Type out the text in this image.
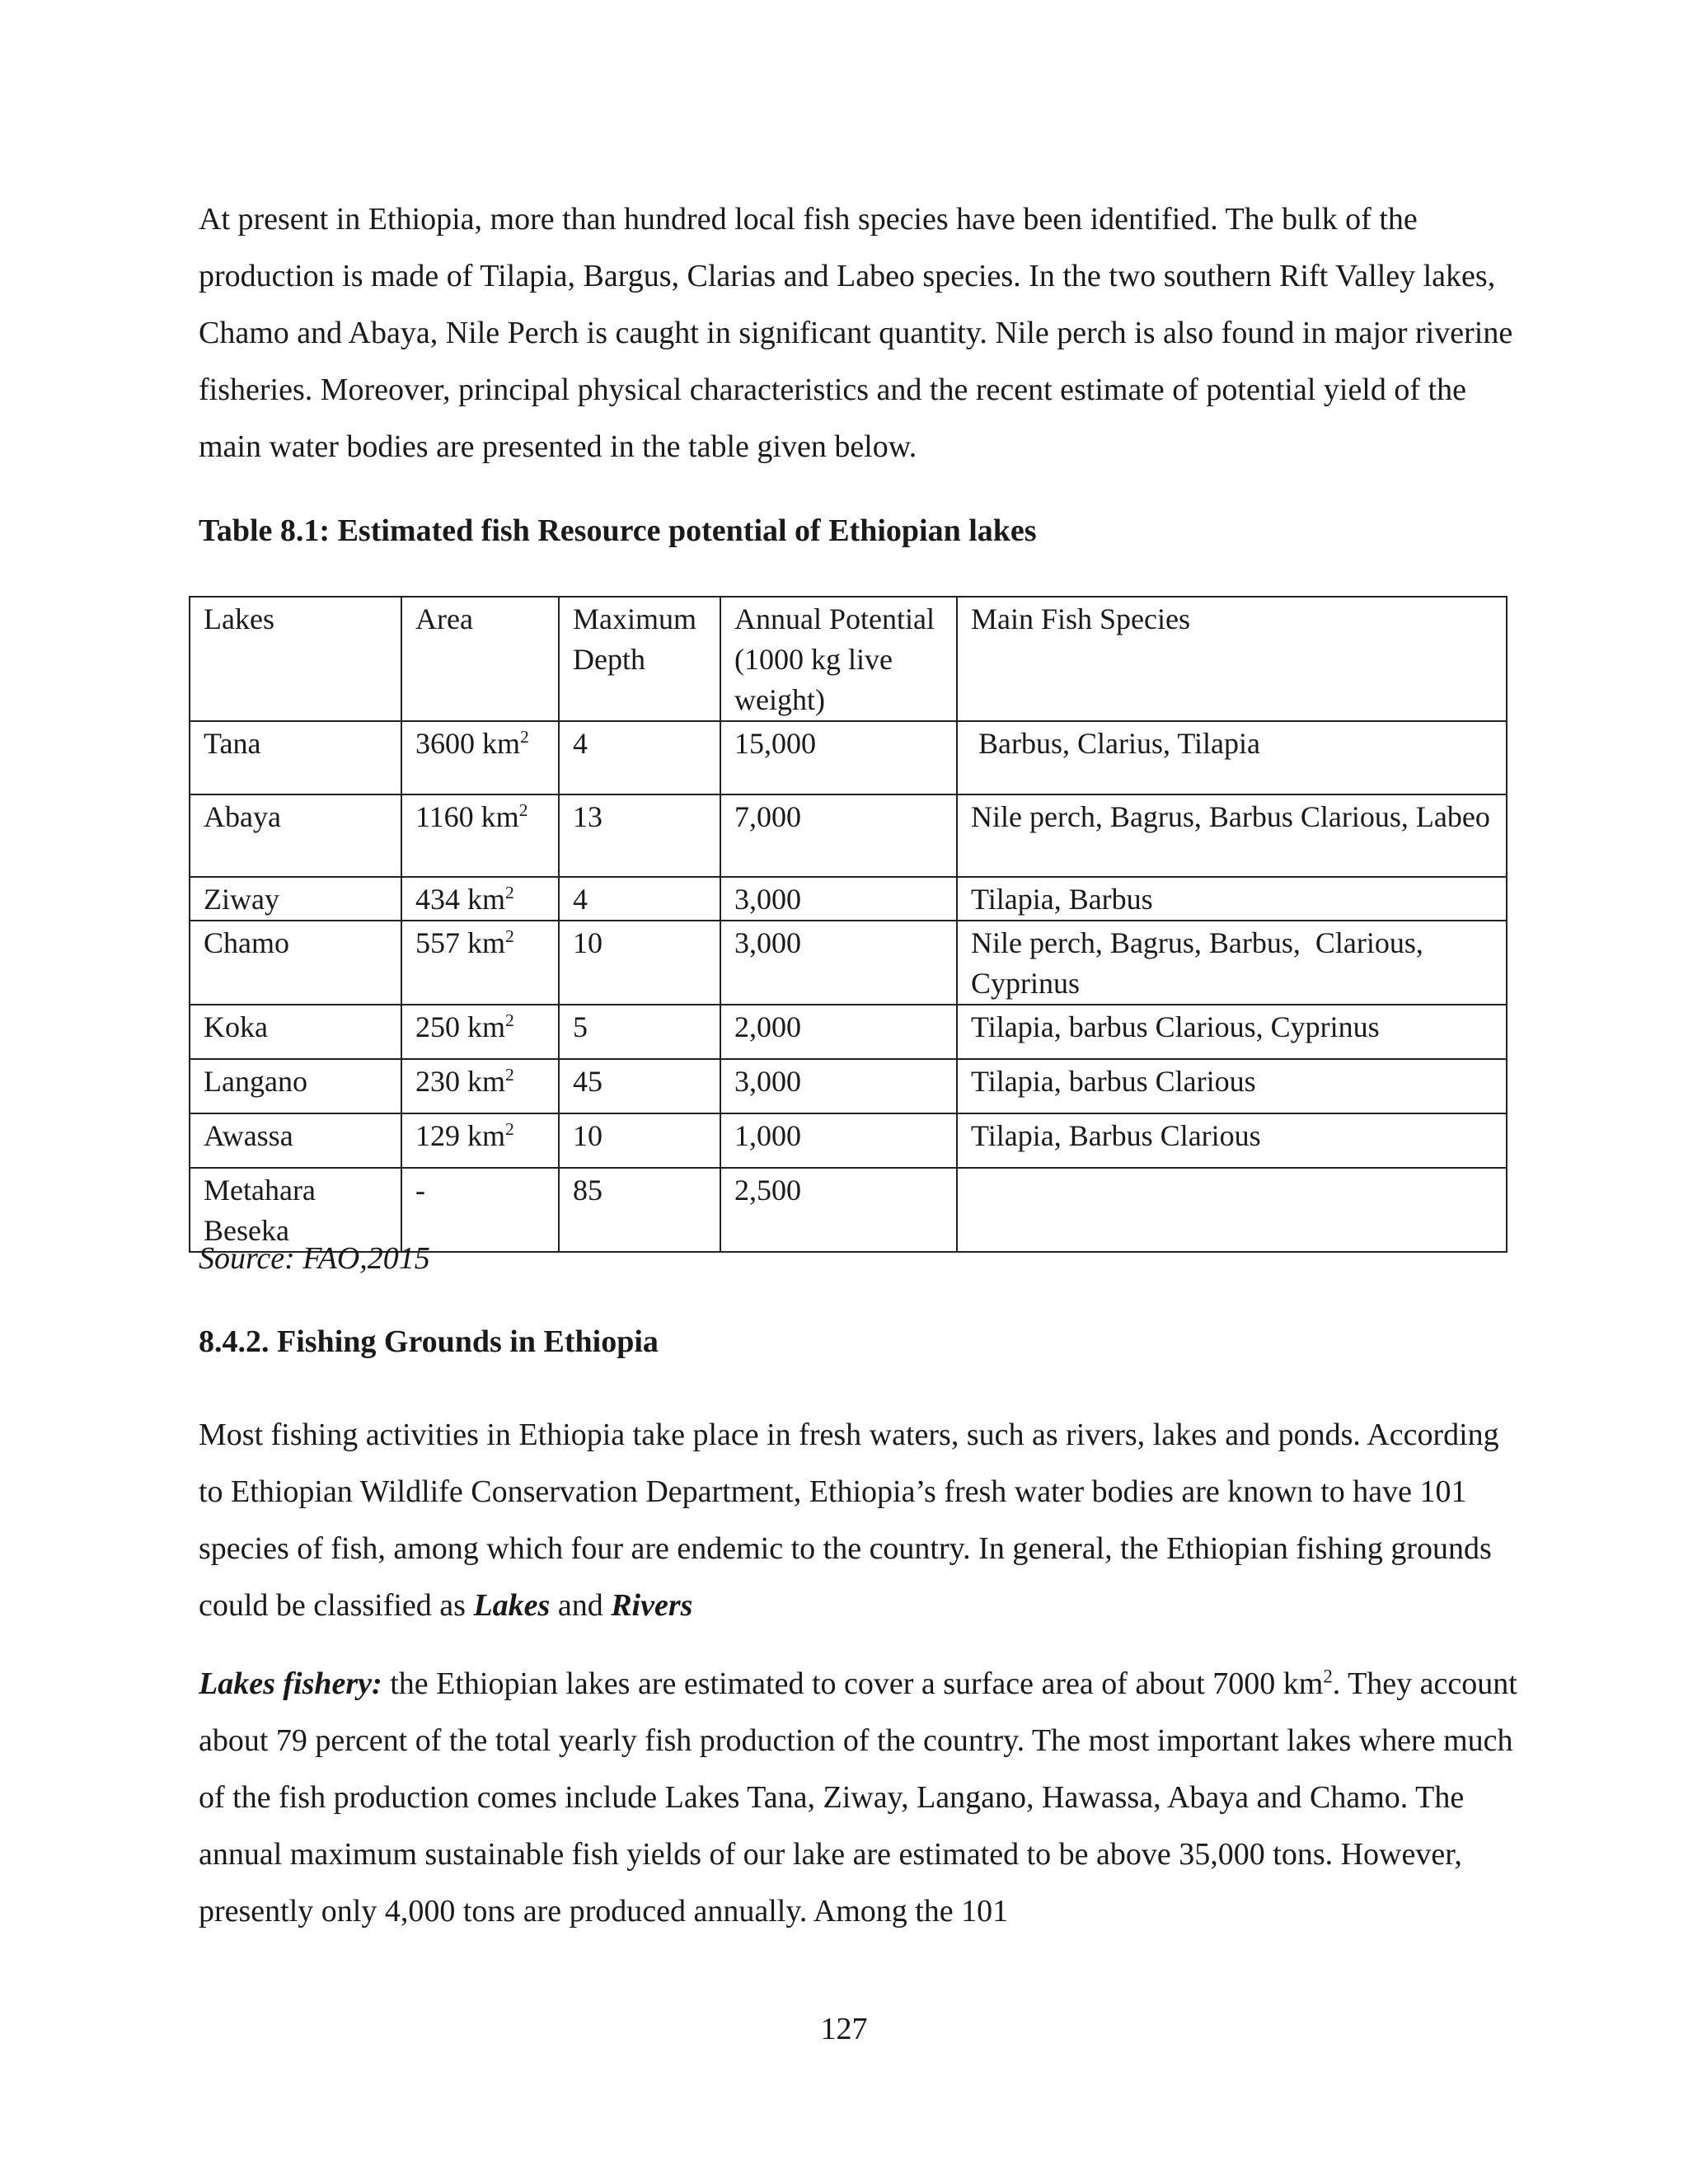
At present in Ethiopia, more than hundred local fish species have been identified. The bulk of the production is made of Tilapia, Bargus, Clarias and Labeo species. In the two southern Rift Valley lakes, Chamo and Abaya, Nile Perch is caught in significant quantity. Nile perch is also found in major riverine fisheries. Moreover, principal physical characteristics and the recent estimate of potential yield of the main water bodies are presented in the table given below.

Table 8.1: Estimated fish Resource potential of Ethiopian lakes
Lakes	Area	Maximum Depth	Annual Potential (1000 kg live weight)	Main Fish Species
Tana	3600 $km^2$	4	15,000	Barbus, Clarius, Tilapia
Abaya	1160 $km^2$	13	7,000	Nile perch, Bagrus, Barbus Clarious, Labeo
Ziway	434 $km^2$	4	3,000	Tilapia, Barbus
Chamo	557 $km^2$	10	3,000	Nile perch, Bagrus, Barbus,  Clarious, Cyprinus
Koka	250 $km^2$	5	2,000	Tilapia, barbus Clarious, Cyprinus
Langano	230 $km^2$	45	3,000	Tilapia, barbus Clarious
Awassa	129 $km^2$	10	1,000	Tilapia, Barbus Clarious
Metahara Beseka	-	85	2,500	
Source: FAO,2015
8.4.2. Fishing Grounds in Ethiopia

Most fishing activities in Ethiopia take place in fresh waters, such as rivers, lakes and ponds. According to Ethiopian Wildlife Conservation Department, Ethiopia’s fresh water bodies are known to have 101 species of fish, among which four are endemic to the country. In general, the Ethiopian fishing grounds could be classified as Lakes and Rivers

Lakes fishery: the Ethiopian lakes are estimated to cover a surface area of about 7000 $km^2$. They account about 79 percent of the total yearly fish production of the country. The most important lakes where much of the fish production comes include Lakes Tana, Ziway, Langano, Hawassa, Abaya and Chamo. The annual maximum sustainable fish yields of our lake are estimated to be above 35,000 tons. However, presently only 4,000 tons are produced annually. Among the 101

127
